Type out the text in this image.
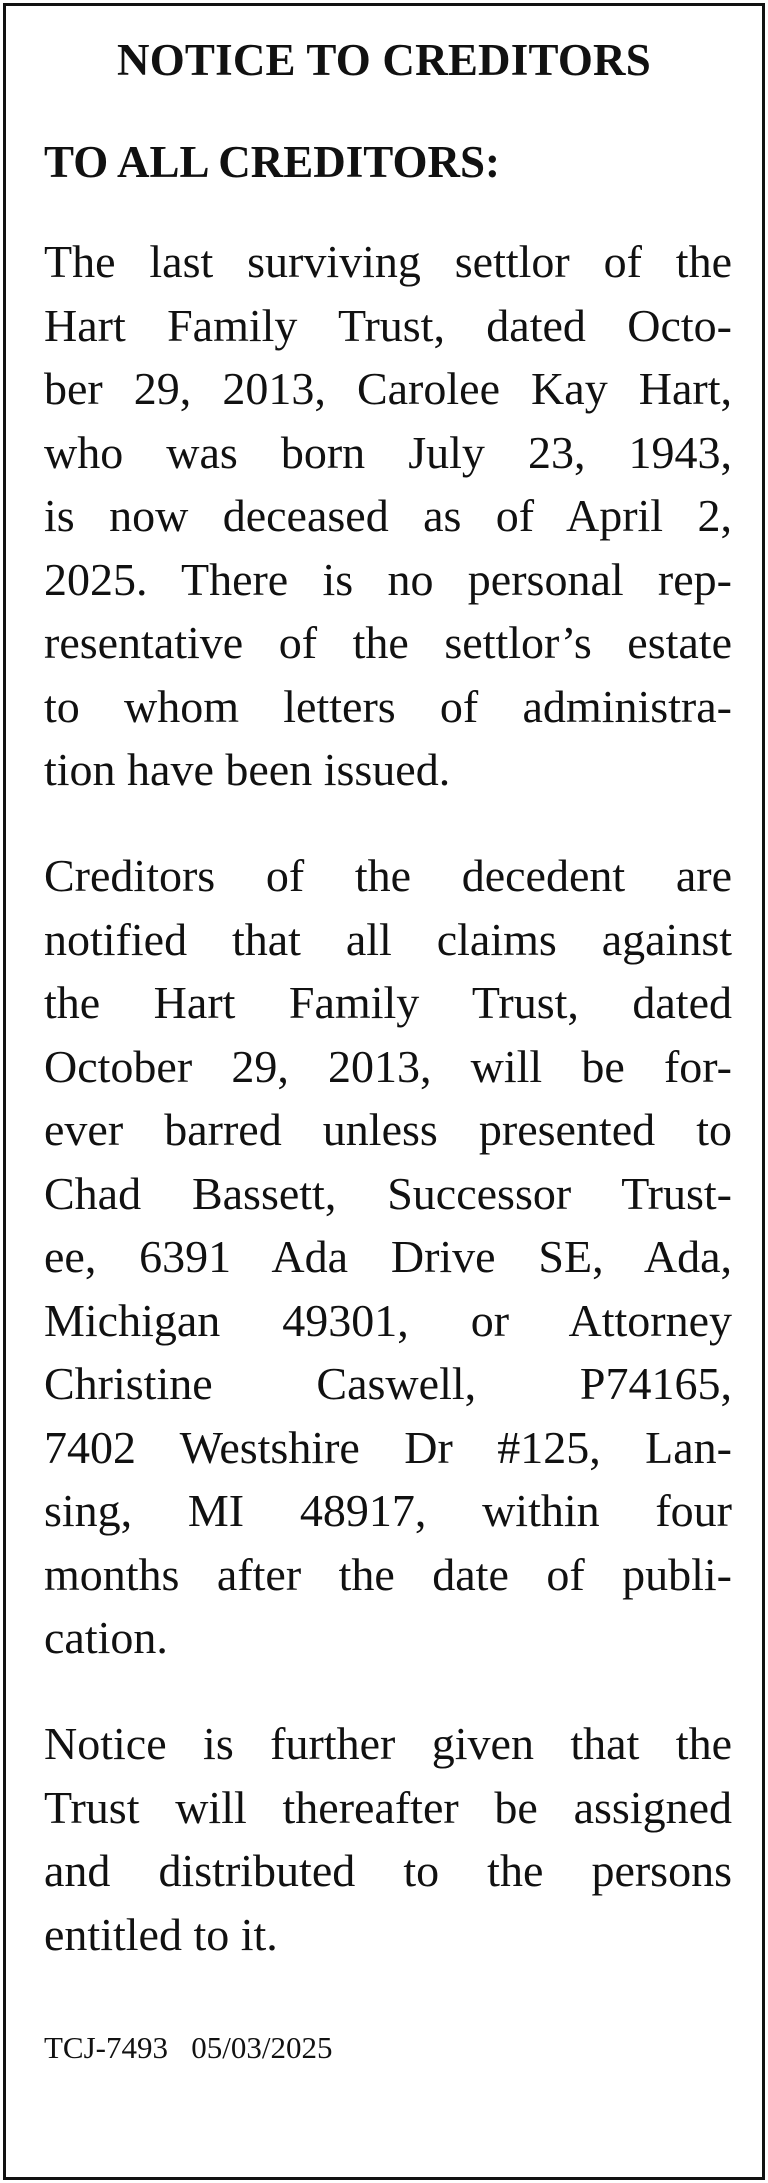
NOTICE TO CREDITORS
TO ALL CREDITORS:

The last surviving settlor of the
Hart Family Trust, dated Octo-
ber 29, 2013, Carolee Kay Hart,
who was born July 23, 1943,
is now deceased as of April 2,
2025. There is no personal rep-
resentative of the settlor’s estate
to whom letters of administra-
tion have been issued.

Creditors of the decedent are
notified that all claims against
the Hart Family Trust, dated
October 29, 2013, will be for-
ever barred unless presented to
Chad Bassett, Successor Trust-
ee, 6391 Ada Drive SE, Ada,
Michigan 49301, or Attorney
Christine Caswell, P74165,
7402 Westshire Dr #125, Lan-
sing, MI 48917, within four
months after the date of publi-
cation.

Notice is further given that the
Trust will thereafter be assigned
and distributed to the persons
entitled to it.

TCJ-7493 05/03/2025
